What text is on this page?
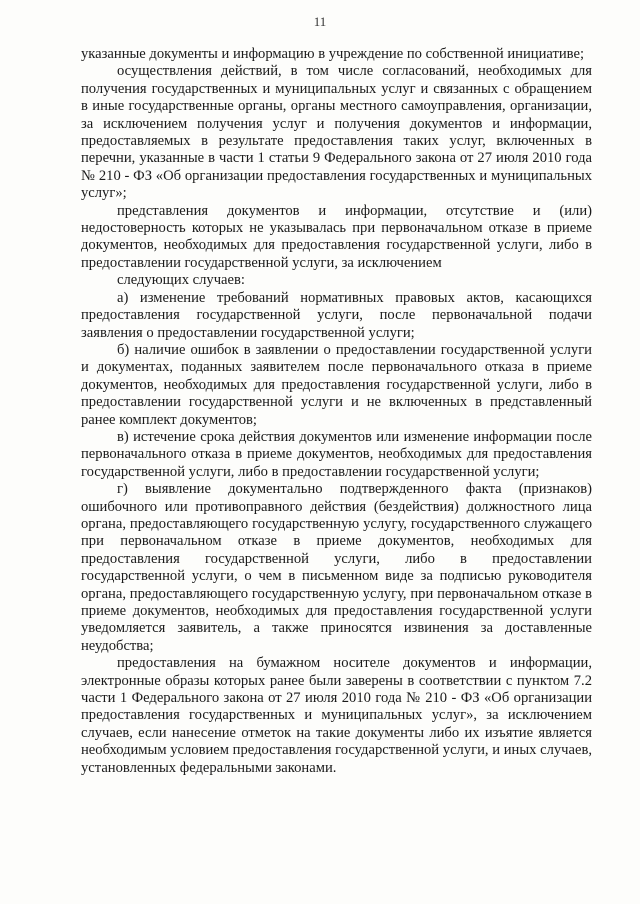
11

указанные документы и информацию в учреждение по собственной инициативе;

осуществления действий, в том числе согласований, необходимых для получения государственных и муниципальных услуг и связанных с обращением в иные государственные органы, органы местного самоуправления, организации, за исключением получения услуг и получения документов и информации, предоставляемых в результате предоставления таких услуг, включенных в перечни, указанные в части 1 статьи 9 Федерального закона от 27 июля 2010 года № 210 - ФЗ «Об организации предоставления государственных и муниципальных услуг»;

представления документов и информации, отсутствие и (или) недостоверность которых не указывалась при первоначальном отказе в приеме документов, необходимых для предоставления государственной услуги, либо в предоставлении государственной услуги, за исключением

следующих случаев:

а) изменение требований нормативных правовых актов, касающихся предоставления государственной услуги, после первоначальной подачи заявления о предоставлении государственной услуги;

б) наличие ошибок в заявлении о предоставлении государственной услуги и документах, поданных заявителем после первоначального отказа в приеме документов, необходимых для предоставления государственной услуги, либо в предоставлении государственной услуги и не включенных в представленный ранее комплект документов;

в) истечение срока действия документов или изменение информации после первоначального отказа в приеме документов, необходимых для предоставления государственной услуги, либо в предоставлении государственной услуги;

г) выявление документально подтвержденного факта (признаков) ошибочного или противоправного действия (бездействия) должностного лица органа, предоставляющего государственную услугу, государственного служащего при первоначальном отказе в приеме документов, необходимых для предоставления государственной услуги, либо в предоставлении государственной услуги, о чем в письменном виде за подписью руководителя органа, предоставляющего государственную услугу, при первоначальном отказе в приеме документов, необходимых для предоставления государственной услуги уведомляется заявитель, а также приносятся извинения за доставленные неудобства;

предоставления на бумажном носителе документов и информации, электронные образы которых ранее были заверены в соответствии с пунктом 7.2 части 1 Федерального закона от 27 июля 2010 года № 210 - ФЗ «Об организации предоставления государственных и муниципальных услуг», за исключением случаев, если нанесение отметок на такие документы либо их изъятие является необходимым условием предоставления государственной услуги, и иных случаев, установленных федеральными законами.
